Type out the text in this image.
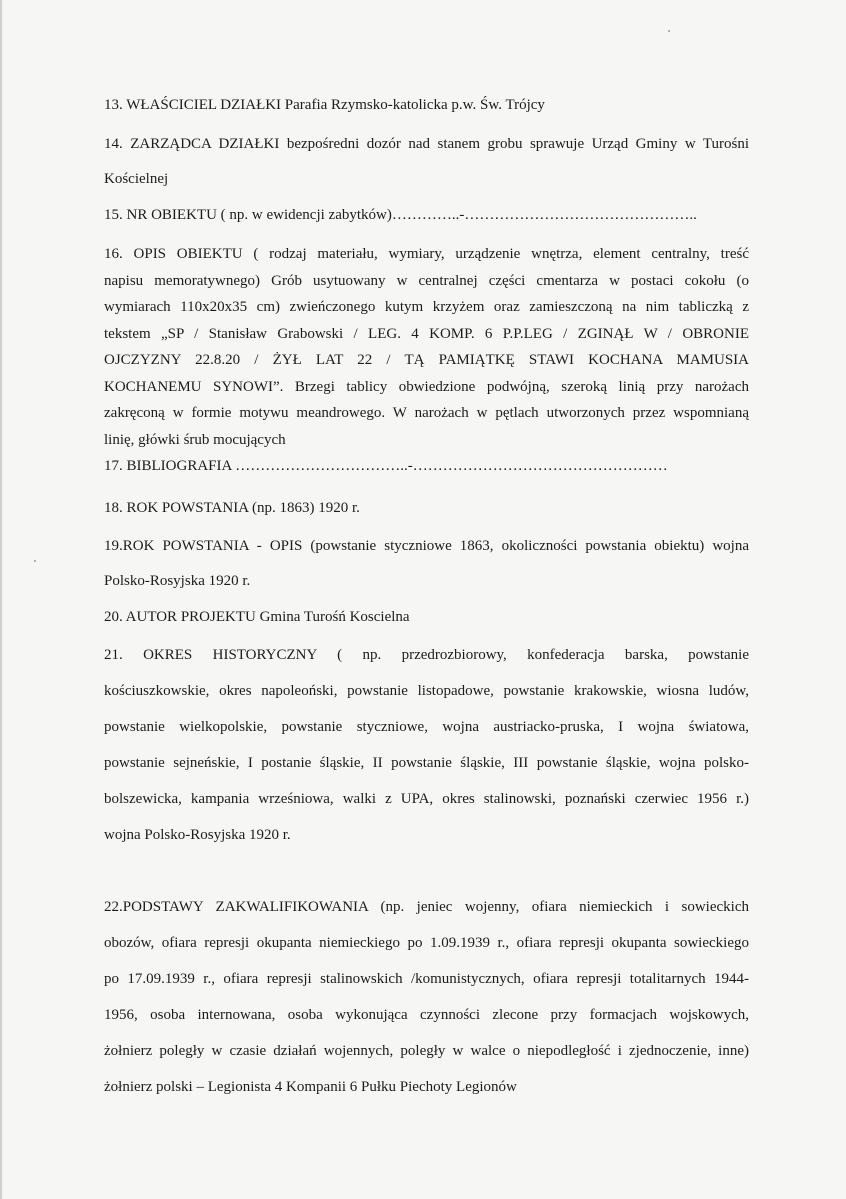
13. WŁAŚCICIEL DZIAŁKI Parafia Rzymsko-katolicka p.w. Św. Trójcy
14. ZARZĄDCA DZIAŁKI bezpośredni dozór nad stanem grobu sprawuje Urząd Gminy w Turośni
Kościelnej
15. NR OBIEKTU ( np. w ewidencji zabytków)…………..-………………………………………..
16. OPIS OBIEKTU ( rodzaj materiału, wymiary, urządzenie wnętrza, element centralny, treść
napisu memoratywnego) Grób usytuowany w centralnej części cmentarza w postaci cokołu (o
wymiarach 110x20x35 cm) zwieńczonego kutym krzyżem oraz zamieszczoną na nim tabliczką z
tekstem „SP / Stanisław Grabowski / LEG. 4 KOMP. 6 P.P.LEG / ZGINĄŁ W / OBRONIE
OJCZYZNY 22.8.20 / ŻYŁ LAT 22 / TĄ PAMIĄTKĘ STAWI KOCHANA MAMUSIA
KOCHANEMU SYNOWI”. Brzegi tablicy obwiedzione podwójną, szeroką linią przy narożach
zakręconą w formie motywu meandrowego. W narożach w pętlach utworzonych przez wspomnianą
linię, główki śrub mocujących
17. BIBLIOGRAFIA ……………………………..-……………………………………………
18. ROK POWSTANIA (np. 1863) 1920 r.
19.ROK POWSTANIA - OPIS (powstanie styczniowe 1863, okoliczności powstania obiektu) wojna
Polsko-Rosyjska 1920 r.
20. AUTOR PROJEKTU Gmina Turośń Koscielna
21. OKRES HISTORYCZNY ( np. przedrozbiorowy, konfederacja barska, powstanie
kościuszkowskie, okres napoleoński, powstanie listopadowe, powstanie krakowskie, wiosna ludów,
powstanie wielkopolskie, powstanie styczniowe, wojna austriacko-pruska, I wojna światowa,
powstanie sejneńskie, I postanie śląskie, II powstanie śląskie, III powstanie śląskie, wojna polsko-
bolszewicka, kampania wrześniowa, walki z UPA, okres stalinowski, poznański czerwiec 1956 r.)
wojna Polsko-Rosyjska 1920 r.
22.PODSTAWY ZAKWALIFIKOWANIA (np. jeniec wojenny, ofiara niemieckich i sowieckich
obozów, ofiara represji okupanta niemieckiego po 1.09.1939 r., ofiara represji okupanta sowieckiego
po 17.09.1939 r., ofiara represji stalinowskich /komunistycznych, ofiara represji totalitarnych 1944-
1956, osoba internowana, osoba wykonująca czynności zlecone przy formacjach wojskowych,
żołnierz poległy w czasie działań wojennych, poległy w walce o niepodległość i zjednoczenie, inne)
żołnierz polski – Legionista 4 Kompanii 6 Pułku Piechoty Legionów
